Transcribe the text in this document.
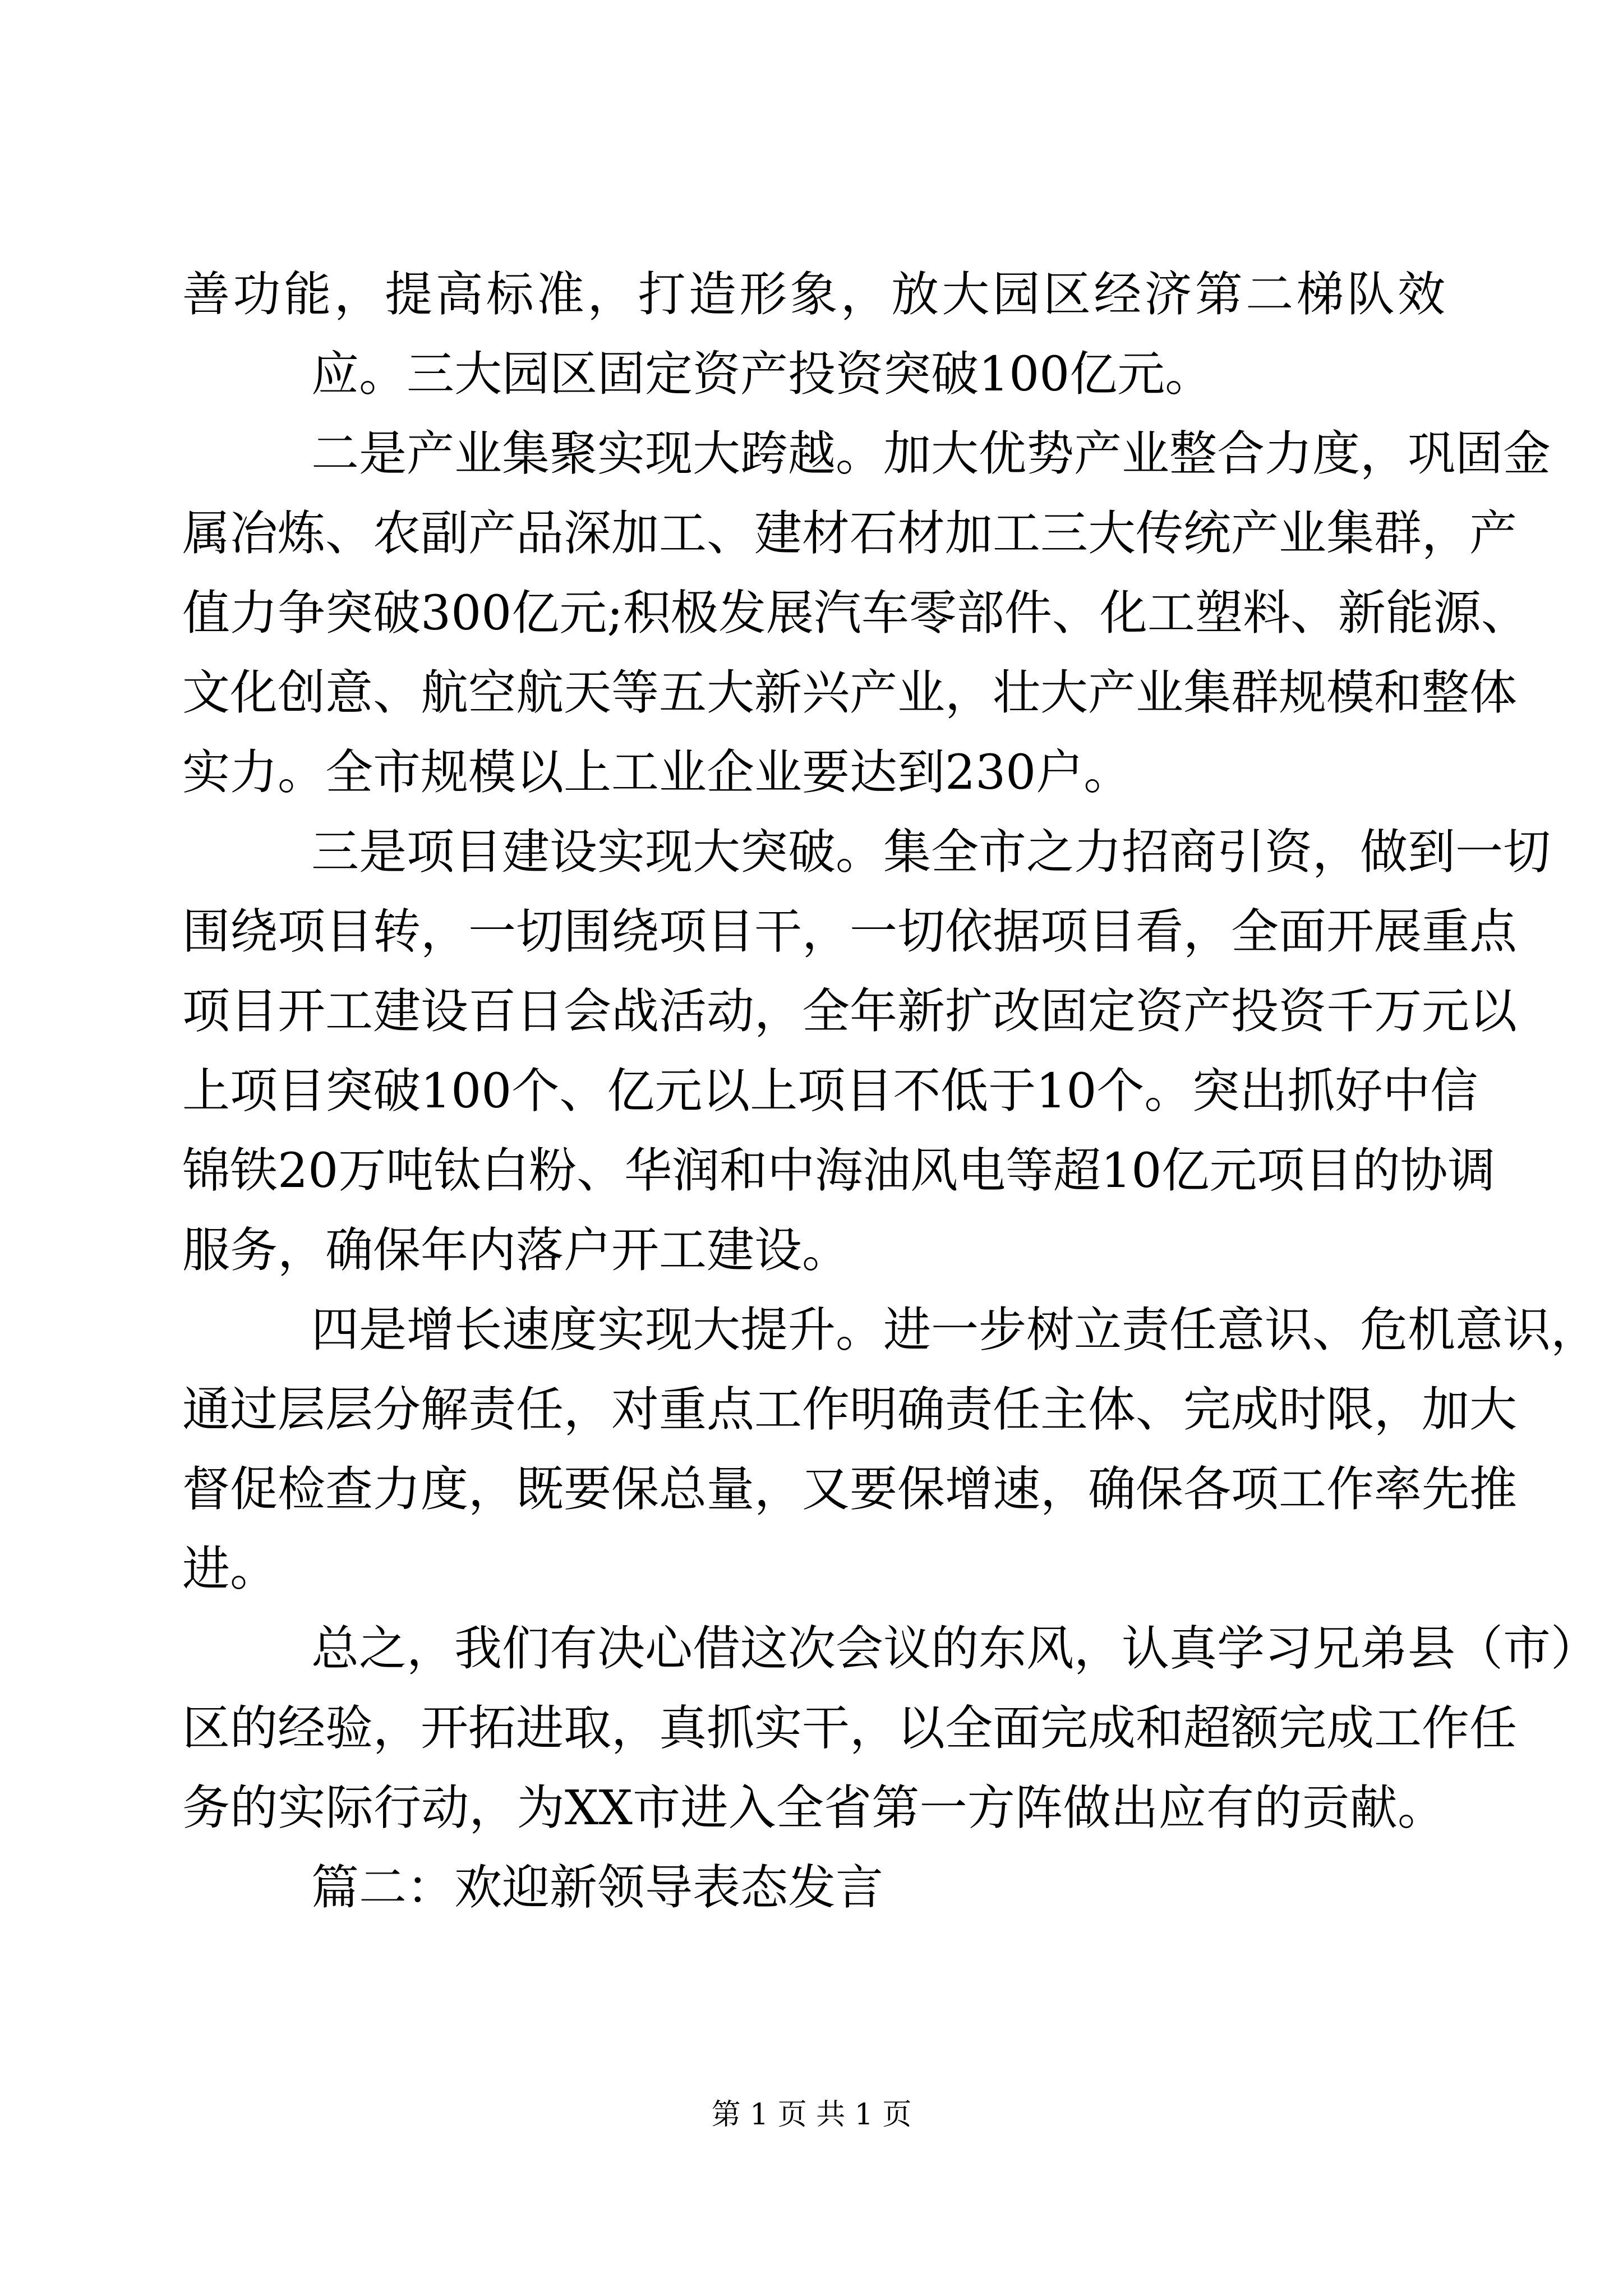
善功能，提高标准，打造形象，放大园区经济第二梯队效
应。三大园区固定资产投资突破100亿元。
二是产业集聚实现大跨越。加大优势产业整合力度，巩固金
属冶炼、农副产品深加工、建材石材加工三大传统产业集群，产
值力争突破300亿元;积极发展汽车零部件、化工塑料、新能源、
文化创意、航空航天等五大新兴产业，壮大产业集群规模和整体
实力。全市规模以上工业企业要达到230户。
三是项目建设实现大突破。集全市之力招商引资，做到一切
围绕项目转，一切围绕项目干，一切依据项目看，全面开展重点
项目开工建设百日会战活动，全年新扩改固定资产投资千万元以
上项目突破100个、亿元以上项目不低于10个。突出抓好中信
锦铁20万吨钛白粉、华润和中海油风电等超10亿元项目的协调
服务，确保年内落户开工建设。
四是增长速度实现大提升。进一步树立责任意识、危机意识，
通过层层分解责任，对重点工作明确责任主体、完成时限，加大
督促检查力度，既要保总量，又要保增速，确保各项工作率先推
进。
总之，我们有决心借这次会议的东风，认真学习兄弟县（市）
区的经验，开拓进取，真抓实干，以全面完成和超额完成工作任
务的实际行动，为XX市进入全省第一方阵做出应有的贡献。
篇二：欢迎新领导表态发言
第 1 页 共 1 页
